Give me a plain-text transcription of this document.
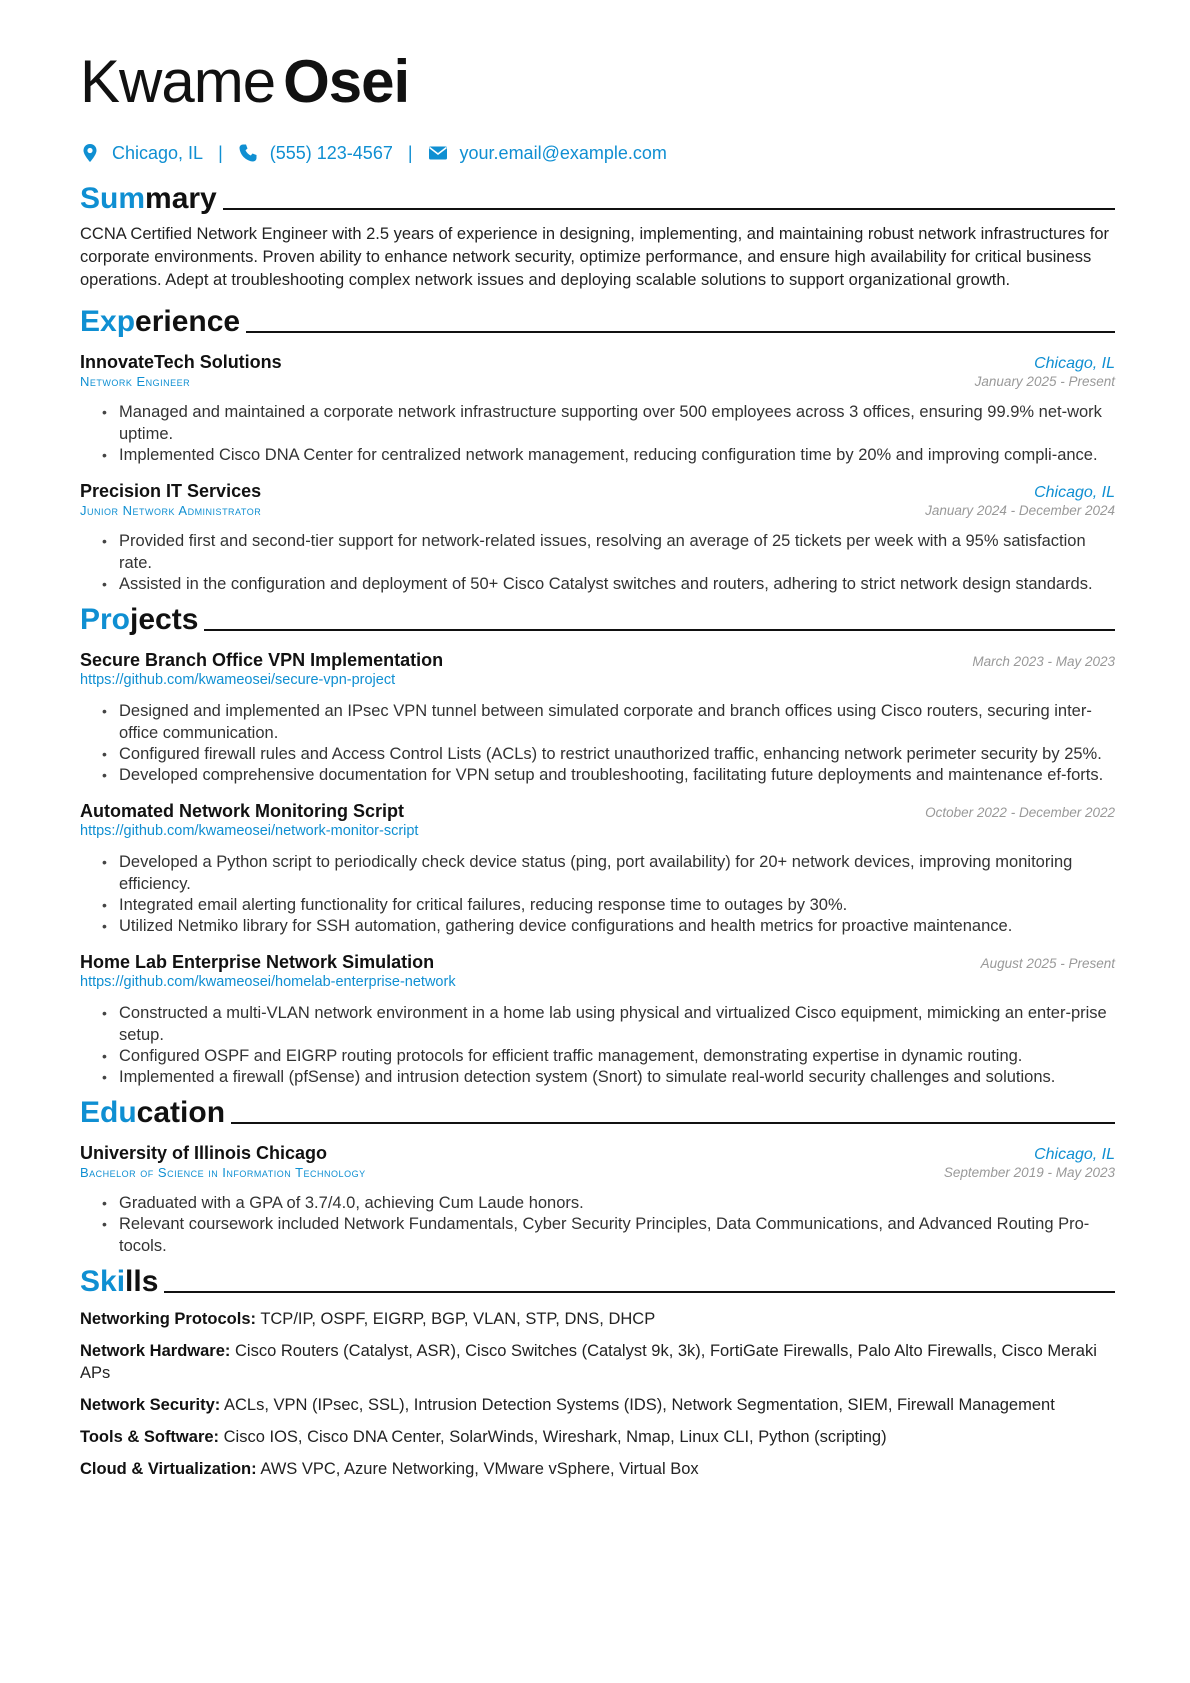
Kwame Osei
Chicago, IL |	(555) 123-4567 |	your.email@example.com
Summary

CCNA Certified Network Engineer with 2.5 years of experience in designing, implementing, and maintaining robust network infrastructures for corporate environments. Proven ability to enhance network security, optimize performance, and ensure high availability for critical business operations. Adept at troubleshooting complex network issues and deploying scalable solutions to support organizational growth.

Experience
InnovateTech Solutions	Chicago, IL
Network Engineer	January 2025 - Present
• Managed and maintained a corporate network infrastructure supporting over 500 employees across 3 offices, ensuring 99.9% net-work uptime.
• Implemented Cisco DNA Center for centralized network management, reducing configuration time by 20% and improving compli-ance.
Precision IT Services	Chicago, IL
Junior Network Administrator	January 2024 - December 2024
• Provided first and second-tier support for network-related issues, resolving an average of 25 tickets per week with a 95% satisfaction rate.
• Assisted in the configuration and deployment of 50+ Cisco Catalyst switches and routers, adhering to strict network design standards.
Projects
Secure Branch Office VPN Implementation	March 2023 - May 2023
https://github.com/kwameosei/secure-vpn-project
• Designed and implemented an IPsec VPN tunnel between simulated corporate and branch offices using Cisco routers, securing inter-office communication.
• Configured firewall rules and Access Control Lists (ACLs) to restrict unauthorized traffic, enhancing network perimeter security by 25%.
• Developed comprehensive documentation for VPN setup and troubleshooting, facilitating future deployments and maintenance ef-forts.
Automated Network Monitoring Script	October 2022 - December 2022
https://github.com/kwameosei/network-monitor-script
• Developed a Python script to periodically check device status (ping, port availability) for 20+ network devices, improving monitoring efficiency.
• Integrated email alerting functionality for critical failures, reducing response time to outages by 30%.
• Utilized Netmiko library for SSH automation, gathering device configurations and health metrics for proactive maintenance.
Home Lab Enterprise Network Simulation	August 2025 - Present
https://github.com/kwameosei/homelab-enterprise-network
• Constructed a multi-VLAN network environment in a home lab using physical and virtualized Cisco equipment, mimicking an enter-prise setup.
• Configured OSPF and EIGRP routing protocols for efficient traffic management, demonstrating expertise in dynamic routing.
• Implemented a firewall (pfSense) and intrusion detection system (Snort) to simulate real-world security challenges and solutions.
Education
University of Illinois Chicago	Chicago, IL
Bachelor of Science in Information Technology	September 2019 - May 2023
• Graduated with a GPA of 3.7/4.0, achieving Cum Laude honors.
• Relevant coursework included Network Fundamentals, Cyber Security Principles, Data Communications, and Advanced Routing Pro-tocols.
Skills
Networking Protocols: TCP/IP, OSPF, EIGRP, BGP, VLAN, STP, DNS, DHCP
Network Hardware: Cisco Routers (Catalyst, ASR), Cisco Switches (Catalyst 9k, 3k), FortiGate Firewalls, Palo Alto Firewalls, Cisco Meraki APs
Network Security: ACLs, VPN (IPsec, SSL), Intrusion Detection Systems (IDS), Network Segmentation, SIEM, Firewall Management
Tools & Software: Cisco IOS, Cisco DNA Center, SolarWinds, Wireshark, Nmap, Linux CLI, Python (scripting)
Cloud & Virtualization: AWS VPC, Azure Networking, VMware vSphere, Virtual Box
